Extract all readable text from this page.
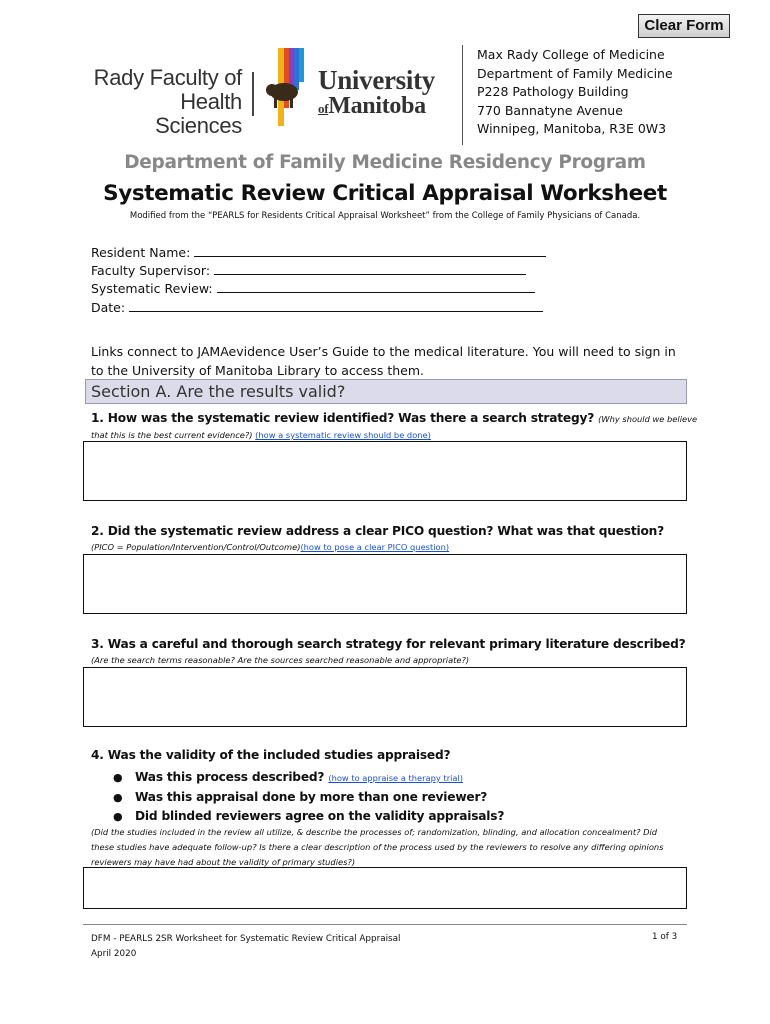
Clear Form
Rady Faculty of
Health Sciences
University
ofManitoba
Max Rady College of Medicine
Department of Family Medicine
P228 Pathology Building
770 Bannatyne Avenue
Winnipeg, Manitoba, R3E 0W3
Department of Family Medicine Residency Program
Systematic Review Critical Appraisal Worksheet
Modified from the “PEARLS for Residents Critical Appraisal Worksheet” from the College of Family Physicians of Canada.
Resident Name:
Faculty Supervisor:
Systematic Review:
Date:
Links connect to JAMAevidence User’s Guide to the medical literature. You will need to sign in to the University of Manitoba Library to access them.
Section A. Are the results valid?
1. How was the systematic review identified? Was there a search strategy? (Why should we believe
that this is the best current evidence?) (how a systematic review should be done)
2. Did the systematic review address a clear PICO question? What was that question?
(PICO = Population/Intervention/Control/Outcome)(how to pose a clear PICO question)
3. Was a careful and thorough search strategy for relevant primary literature described?
(Are the search terms reasonable? Are the sources searched reasonable and appropriate?)
4. Was the validity of the included studies appraised?
●	Was this process described?
(how to appraise a therapy trial)
●	Was this appraisal done by more than one reviewer?
●	Did blinded reviewers agree on the validity appraisals?
(Did the studies included in the review all utilize, & describe the processes of; randomization, blinding, and allocation concealment? Did these studies have adequate follow-up? Is there a clear description of the process used by the reviewers to resolve any differing opinions reviewers may have had about the validity of primary studies?)
DFM - PEARLS 2SR Worksheet for Systematic Review Critical Appraisal
April 2020
1 of 3
